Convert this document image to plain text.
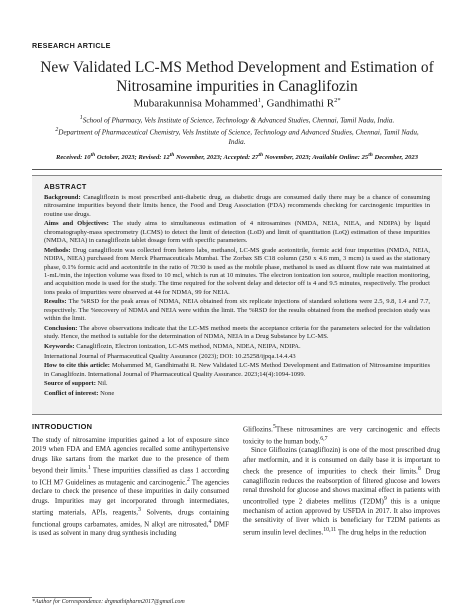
RESEARCH ARTICLE
New Validated LC-MS Method Development and Estimation of
Nitrosamine impurities in Canaglifozin
Mubarakunnisa Mohammed$^1$, Gandhimathi $R^{2*}$
$^1$School of Pharmacy, Vels Institute of Science, Technology & Advanced Studies, Chennai, Tamil Nadu, India.
$^2$Department of Pharmaceutical Chemistry, Vels Institute of Science, Technology and Advanced Studies, Chennai, Tamil Nadu, India.
Received: 10th October, 2023; Revised: 12th November, 2023; Accepted: 27th November, 2023; Available Online: 25th December, 2023
ABSTRACT

Background: Canagliflozin is most prescribed anti-diabetic drug, as diabetic drugs are consumed daily there may be a chance of consuming nitrosamine impurities beyond their limits hence, the Food and Drug Association (FDA) recommends checking for carcinogenic impurities in routine use drugs.

Aims and Objectives: The study aims to simultaneous estimation of 4 nitrosamines (NMDA, NEIA, NIEA, and NDIPA) by liquid chromatography-mass spectrometry (LCMS) to detect the limit of detection (LoD) and limit of quantitation (LoQ) estimation of these impurities (NMDA, NEIA) in canagliflozin tablet dosage form with specific parameters.

Methods: Drug canagliflozin was collected from hetero labs, methanol, LC-MS grade acetonitrile, formic acid four impurities (NMDA, NEIA, NDIPA, NIEA) purchased from Merck Pharmaceuticals Mumbai. The Zorbax SB C18 column (250 x 4.6 mm, 3 mcm) is used as the stationary phase, 0.1% formic acid and acetonitrile in the ratio of 70:30 is used as the mobile phase, methanol is used as diluent flow rate was maintained at 1-mL/min, the injection volume was fixed to 10 mcl, which is run at 10 minutes. The electron ionization ion source, multiple reaction monitoring, and acquisition mode is used for the study. The time required for the solvent delay and detector off is 4 and 9.5 minutes, respectively. The product ions peaks of impurities were observed at 44 for NDMA, 99 for NEIA.

Results: The %RSD for the peak areas of NDMA, NEIA obtained from six replicate injections of standard solutions were 2.5, 9.8, 1.4 and 7.7, respectively. The %recovery of NDMA and NEIA were within the limit. The %RSD for the results obtained from the method precision study was within the limit.

Conclusion: The above observations indicate that the LC-MS method meets the acceptance criteria for the parameters selected for the validation study. Hence, the method is suitable for the determination of NDMA, NEIA in a Drug Substance by LC-MS.

Keywords: Canagliflozin, Electron ionization, LC-MS method, NDMA, NDEA, NEIPA, NDIPA.

International Journal of Pharmaceutical Quality Assurance (2023); DOI: 10.25258/ijpqa.14.4.43

How to cite this article: Mohammed M, Gandhimathi R. New Validated LC-MS Method Development and Estimation of Nitrosamine impurities in Canaglifozin. International Journal of Pharmaceutical Quality Assurance. 2023;14(4):1094-1099.

Source of support: Nil.

Conflict of interest: None

INTRODUCTION

The study of nitrosamine impurities gained a lot of exposure since 2019 when FDA and EMA agencies recalled some antihypertensive drugs like sartans from the market due to the presence of them beyond their limits.$^1$ These impurities classified as class 1 according to ICH M7 Guidelines as mutagenic and carcinogenic.$^2$ The agencies declare to check the presence of these impurities in daily consumed drugs. Impurities may get incorporated through intermediates, starting materials, APIs, reagents,$^3$ Solvents, drugs containing functional groups carbamates, amides, N alkyl are nitrosated,$^4$ DMF is used as solvent in many drug synthesis including

Gliflozins.$^5$These nitrosamines are very carcinogenic and effects toxicity to the human body.$^{6,7}$

Since Gliflozins (canagliflozin) is one of the most prescribed drug after metformin, and it is consumed on daily base it is important to check the presence of impurities to check their limits.$^8$ Drug canagliflozin reduces the reabsorption of filtered glucose and lowers renal threshold for glucose and shows maximal effect in patients with uncontrolled type 2 diabetes mellitus $(T2DM)^9$ this is a unique mechanism of action approved by USFDA in 2017. It also improves the sensitivity of liver which is beneficiary for T2DM patients as serum insulin level declines.$^{10,11}$ The drug helps in the reduction

*Author for Correspondence: drgmathipharm2017@gmail.com
